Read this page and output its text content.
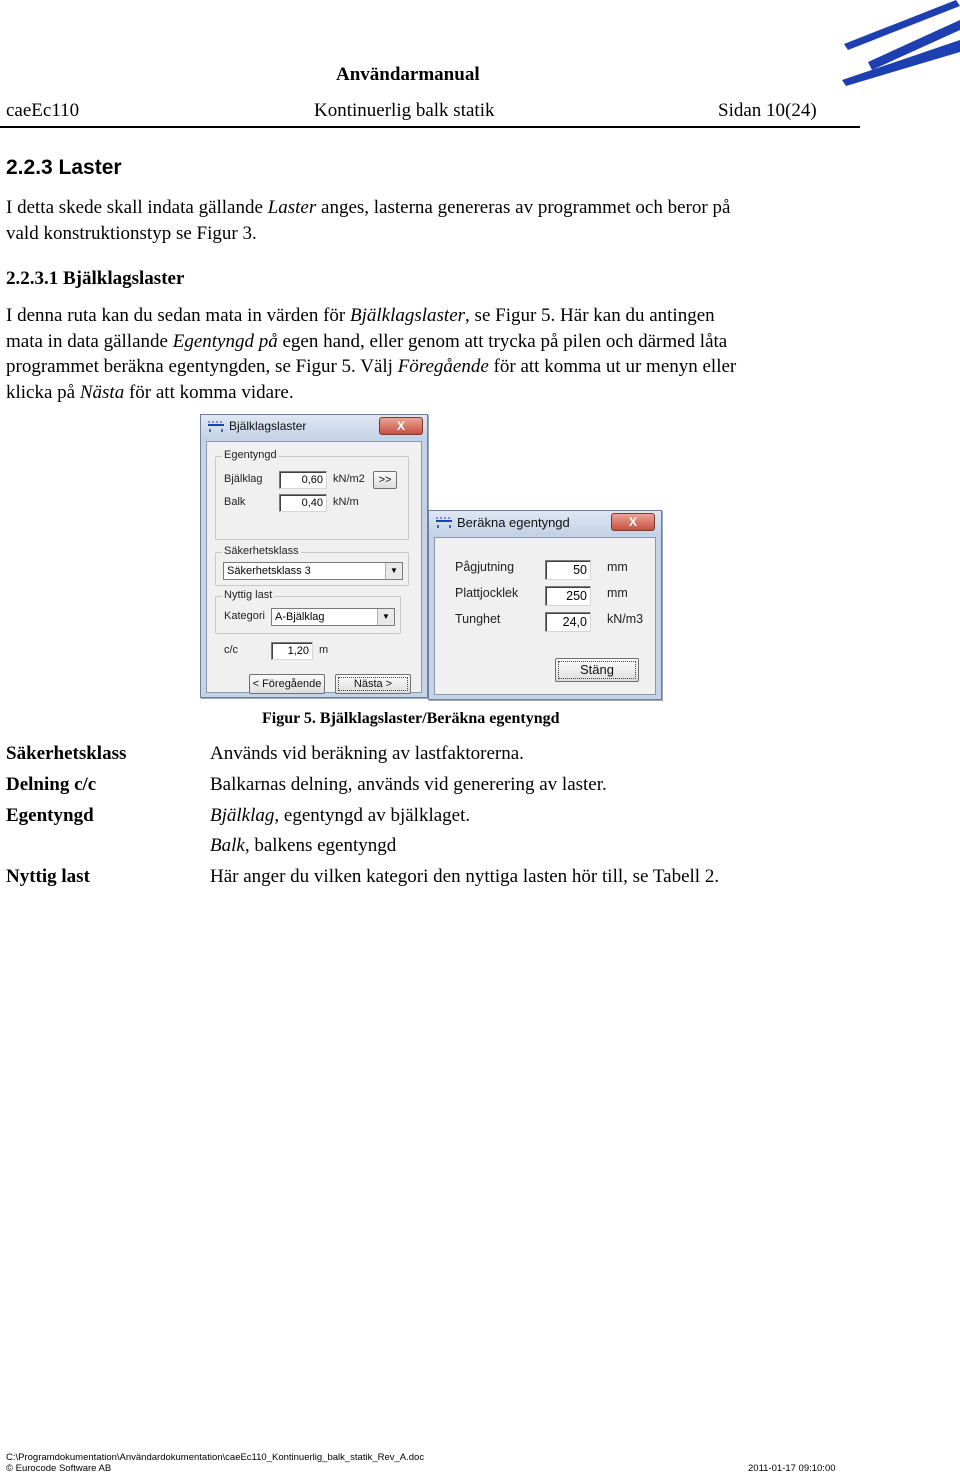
Användarmanual
caeEc110	Kontinuerlig balk statik	Sidan 10(24)
2.2.3 Laster
I detta skede skall indata gällande Laster anges, lasterna genereras av programmet och beror på
vald konstruktionstyp se Figur 3.
2.2.3.1 Bjälklagslaster
I denna ruta kan du sedan mata in värden för Bjälklagslaster, se Figur 5. Här kan du antingen
mata in data gällande Egentyngd på egen hand, eller genom att trycka på pilen och därmed låta
programmet beräkna egentyngden, se Figur 5. Välj Föregående för att komma ut ur menyn eller
klicka på Nästa för att komma vidare.
Bjälklagslaster	X
Egentyngd
Bjälklag	0,60 kN/m2	>>
Balk	0,40 kN/m
Säkerhetsklass
Säkerhetsklass 3	▼
Nyttig last
Kategori A-Bjälklag	▼
c/c	1,20 m
< Föregående	Nästa >
Beräkna egentyngd	X
Pågjutning	50	mm
Plattjocklek	250	mm
Tunghet	24,0	kN/m3
Stäng
Figur 5. Bjälklagslaster/Beräkna egentyngd
Säkerhetsklass	Används vid beräkning av lastfaktorerna.
Delning c/c	Balkarnas delning, används vid generering av laster.
Egentyngd	Bjälklag, egentyngd av bjälklaget.
Balk, balkens egentyngd
Nyttig last	Här anger du vilken kategori den nyttiga lasten hör till, se Tabell 2.
C:\Programdokumentation\Användardokumentation\caeEc110_Kontinuerlig_balk_statik_Rev_A.doc
© Eurocode Software AB	2011-01-17 09:10:00
